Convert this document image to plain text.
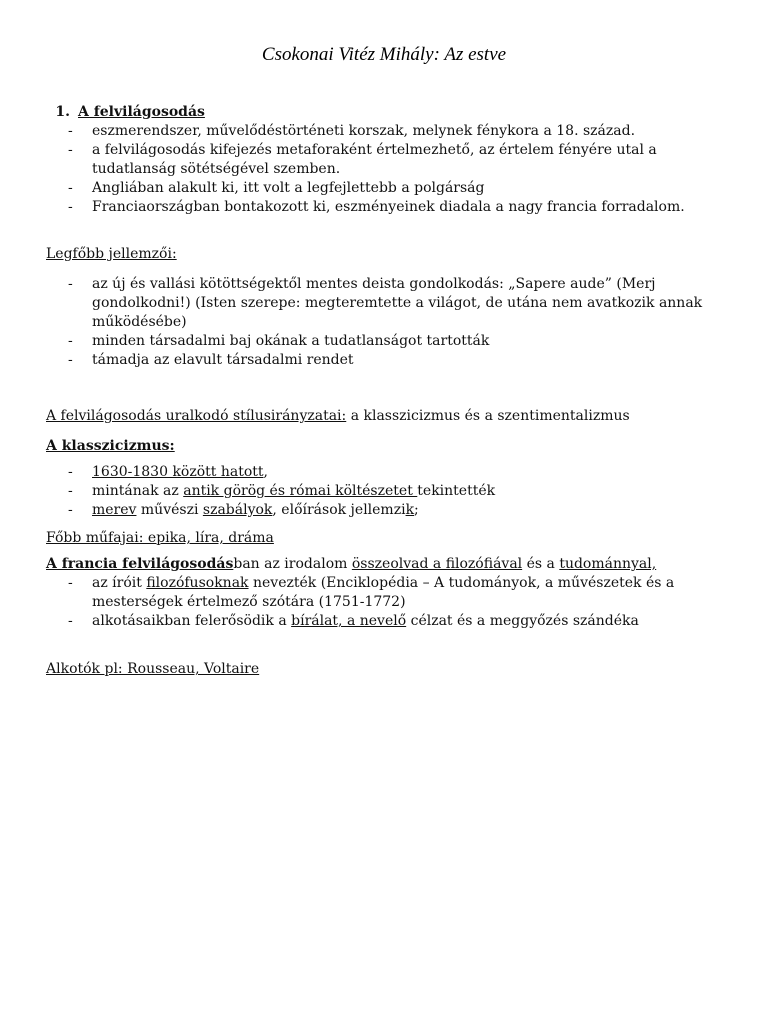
Csokonai Vitéz Mihály: Az estve
1. A felvilágosodás
- eszmerendszer, művelődéstörténeti korszak, melynek fénykora a 18. század.
- a felvilágosodás kifejezés metaforaként értelmezhető, az értelem fényére utal a tudatlanság sötétségével szemben.
- Angliában alakult ki, itt volt a legfejlettebb a polgárság
- Franciaországban bontakozott ki, eszményeinek diadala a nagy francia forradalom.
Legfőbb jellemzői:
- az új és vallási kötöttségektől mentes deista gondolkodás: „Sapere aude” (Merj gondolkodni!) (Isten szerepe: megteremtette a világot, de utána nem avatkozik annak működésébe)
- minden társadalmi baj okának a tudatlanságot tartották
- támadja az elavult társadalmi rendet
A felvilágosodás uralkodó stílusirányzatai: a klasszicizmus és a szentimentalizmus
A klasszicizmus:
- 1630-1830 között hatott,
- mintának az antik görög és római költészetet tekintették
- merev művészi szabályok, előírások jellemzik;
Főbb műfajai: epika, líra, dráma
A francia felvilágosodásban az irodalom összeolvad a filozófiával és a tudománnyal,
- az íróit filozófusoknak nevezték (Enciklopédia – A tudományok, a művészetek és a mesterségek értelmező szótára (1751-1772)
- alkotásaikban felerősödik a bírálat, a nevelő célzat és a meggyőzés szándéka
Alkotók pl: Rousseau, Voltaire
